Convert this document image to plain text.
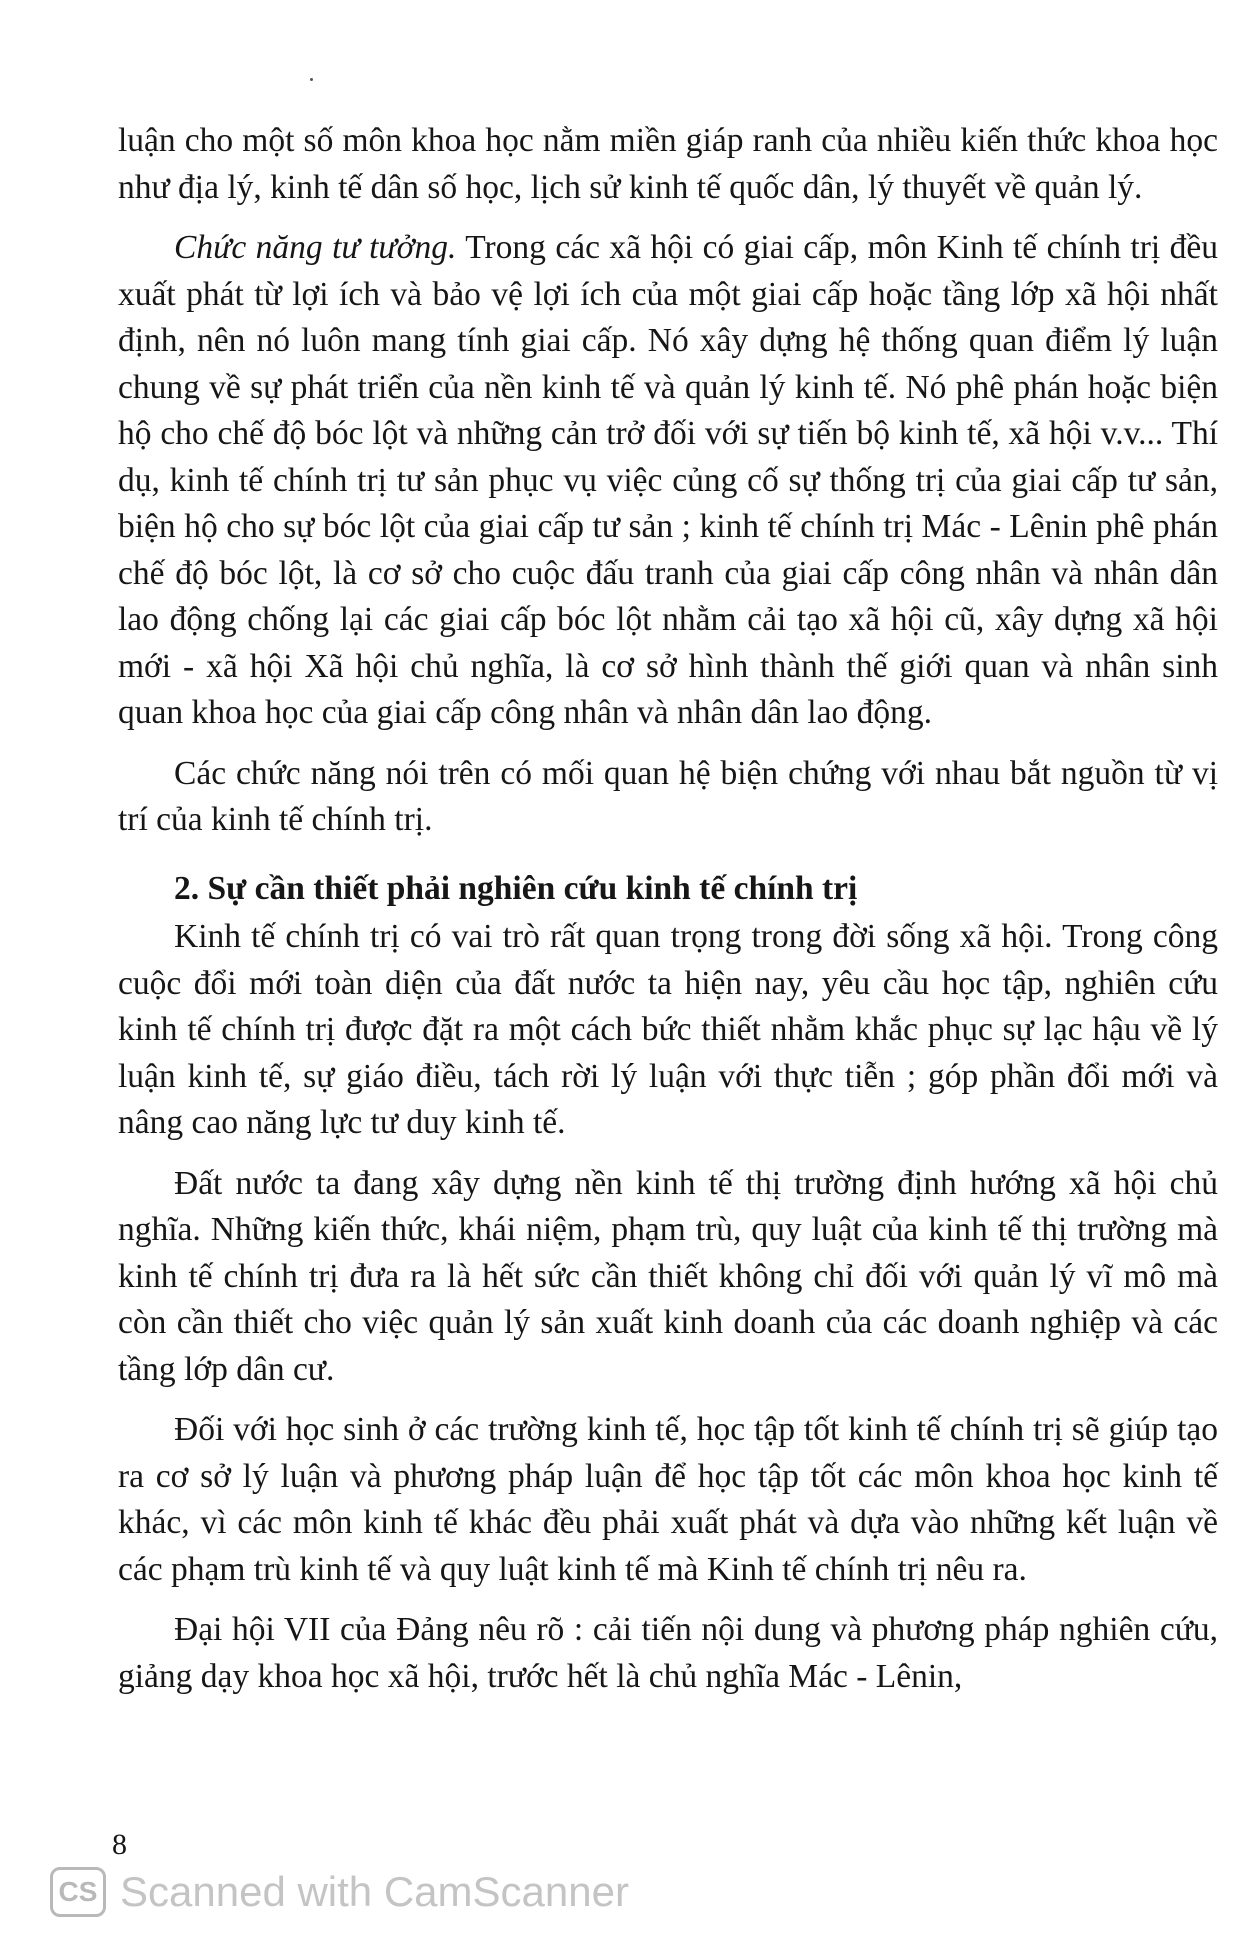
luận cho một số môn khoa học nằm miền giáp ranh của nhiều kiến thức khoa học như địa lý, kinh tế dân số học, lịch sử kinh tế quốc dân, lý thuyết về quản lý.

Chức năng tư tưởng. Trong các xã hội có giai cấp, môn Kinh tế chính trị đều xuất phát từ lợi ích và bảo vệ lợi ích của một giai cấp hoặc tầng lớp xã hội nhất định, nên nó luôn mang tính giai cấp. Nó xây dựng hệ thống quan điểm lý luận chung về sự phát triển của nền kinh tế và quản lý kinh tế. Nó phê phán hoặc biện hộ cho chế độ bóc lột và những cản trở đối với sự tiến bộ kinh tế, xã hội v.v... Thí dụ, kinh tế chính trị tư sản phục vụ việc củng cố sự thống trị của giai cấp tư sản, biện hộ cho sự bóc lột của giai cấp tư sản ; kinh tế chính trị Mác - Lênin phê phán chế độ bóc lột, là cơ sở cho cuộc đấu tranh của giai cấp công nhân và nhân dân lao động chống lại các giai cấp bóc lột nhằm cải tạo xã hội cũ, xây dựng xã hội mới - xã hội Xã hội chủ nghĩa, là cơ sở hình thành thế giới quan và nhân sinh quan khoa học của giai cấp công nhân và nhân dân lao động.

Các chức năng nói trên có mối quan hệ biện chứng với nhau bắt nguồn từ vị trí của kinh tế chính trị.

2. Sự cần thiết phải nghiên cứu kinh tế chính trị

Kinh tế chính trị có vai trò rất quan trọng trong đời sống xã hội. Trong công cuộc đổi mới toàn diện của đất nước ta hiện nay, yêu cầu học tập, nghiên cứu kinh tế chính trị được đặt ra một cách bức thiết nhằm khắc phục sự lạc hậu về lý luận kinh tế, sự giáo điều, tách rời lý luận với thực tiễn ; góp phần đổi mới và nâng cao năng lực tư duy kinh tế.

Đất nước ta đang xây dựng nền kinh tế thị trường định hướng xã hội chủ nghĩa. Những kiến thức, khái niệm, phạm trù, quy luật của kinh tế thị trường mà kinh tế chính trị đưa ra là hết sức cần thiết không chỉ đối với quản lý vĩ mô mà còn cần thiết cho việc quản lý sản xuất kinh doanh của các doanh nghiệp và các tầng lớp dân cư.

Đối với học sinh ở các trường kinh tế, học tập tốt kinh tế chính trị sẽ giúp tạo ra cơ sở lý luận và phương pháp luận để học tập tốt các môn khoa học kinh tế khác, vì các môn kinh tế khác đều phải xuất phát và dựa vào những kết luận về các phạm trù kinh tế và quy luật kinh tế mà Kinh tế chính trị nêu ra.

Đại hội VII của Đảng nêu rõ : cải tiến nội dung và phương pháp nghiên cứu, giảng dạy khoa học xã hội, trước hết là chủ nghĩa Mác - Lênin,

8
CS Scanned with CamScanner
